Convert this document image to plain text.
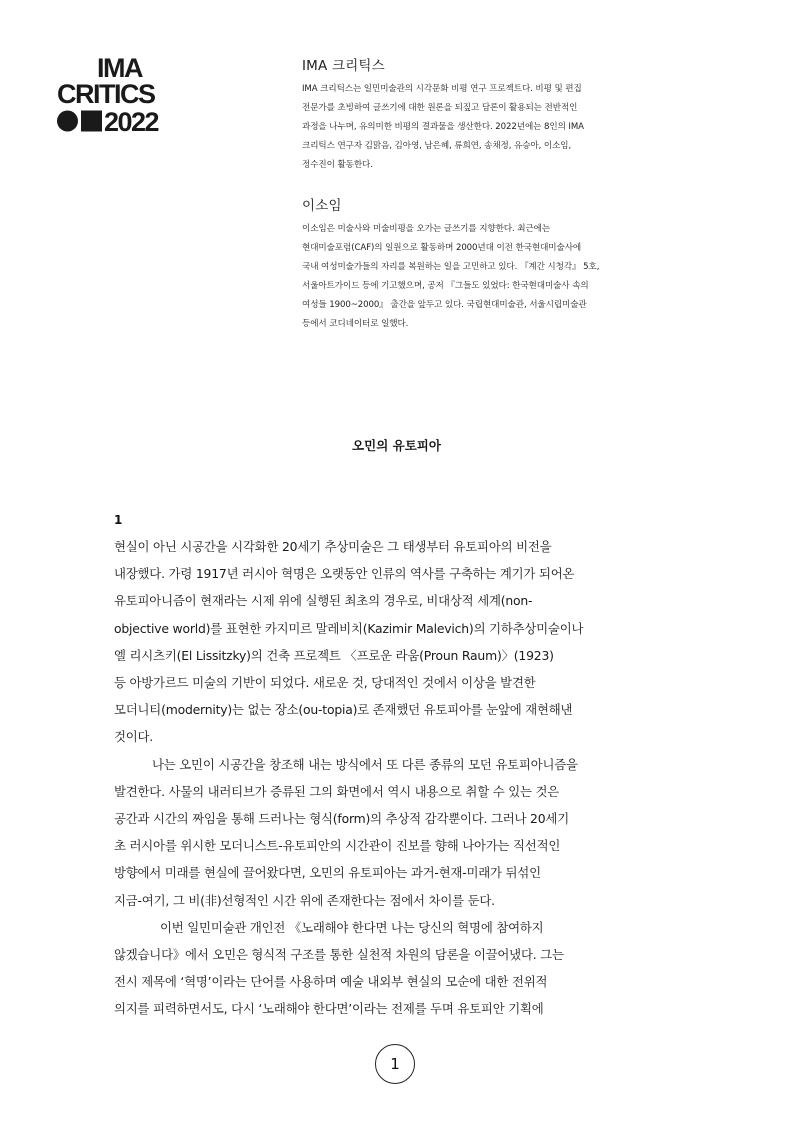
IMA
CRITICS
2022
IMA 크리틱스

IMA 크리틱스는 일민미술관의 시각문화 비평 연구 프로젝트다. 비평 및 편집
전문가를 초빙하여 글쓰기에 대한 원론을 되짚고 담론이 활용되는 전반적인
과정을 나누며, 유의미한 비평의 결과물을 생산한다. 2022년에는 8인의 IMA
크리틱스 연구자 김맑음, 김아영, 남은혜, 류희연, 송채정, 유승아, 이소임,
정수진이 활동한다.

이소임

이소임은 미술사와 미술비평을 오가는 글쓰기를 지향한다. 최근에는
현대미술포럼(CAF)의 일원으로 활동하며 2000년대 이전 한국현대미술사에
국내 여성미술가들의 자리를 복원하는 일을 고민하고 있다. 『계간 시청각』 5호,
서울아트가이드 등에 기고했으며, 공저 『그들도 있었다: 한국현대미술사 속의
여성들 1900~2000』 출간을 앞두고 있다. 국립현대미술관, 서울시립미술관
등에서 코디네이터로 일했다.

오민의 유토피아
1

현실이 아닌 시공간을 시각화한 20세기 추상미술은 그 태생부터 유토피아의 비전을
내장했다. 가령 1917년 러시아 혁명은 오랫동안 인류의 역사를 구축하는 계기가 되어온
유토피아니즘이 현재라는 시제 위에 실행된 최초의 경우로, 비대상적 세계(non-
objective world)를 표현한 카지미르 말레비치(Kazimir Malevich)의 기하추상미술이나
엘 리시츠키(El Lissitzky)의 건축 프로젝트 〈프로운 라움(Proun Raum)〉(1923)
등 아방가르드 미술의 기반이 되었다. 새로운 것, 당대적인 것에서 이상을 발견한
모더니티(modernity)는 없는 장소(ou-topia)로 존재했던 유토피아를 눈앞에 재현해낸
것이다.

나는 오민이 시공간을 창조해 내는 방식에서 또 다른 종류의 모던 유토피아니즘을
발견한다. 사물의 내러티브가 증류된 그의 화면에서 역시 내용으로 취할 수 있는 것은
공간과 시간의 짜임을 통해 드러나는 형식(form)의 추상적 감각뿐이다. 그러나 20세기
초 러시아를 위시한 모더니스트-유토피안의 시간관이 진보를 향해 나아가는 직선적인
방향에서 미래를 현실에 끌어왔다면, 오민의 유토피아는 과거-현재-미래가 뒤섞인
지금-여기, 그 비(非)선형적인 시간 위에 존재한다는 점에서 차이를 둔다.

이번 일민미술관 개인전 《노래해야 한다면 나는 당신의 혁명에 참여하지
않겠습니다》에서 오민은 형식적 구조를 통한 실천적 차원의 담론을 이끌어냈다. 그는
전시 제목에 ‘혁명’이라는 단어를 사용하며 예술 내외부 현실의 모순에 대한 전위적
의지를 피력하면서도, 다시 ‘노래해야 한다면’이라는 전제를 두며 유토피안 기획에

1
